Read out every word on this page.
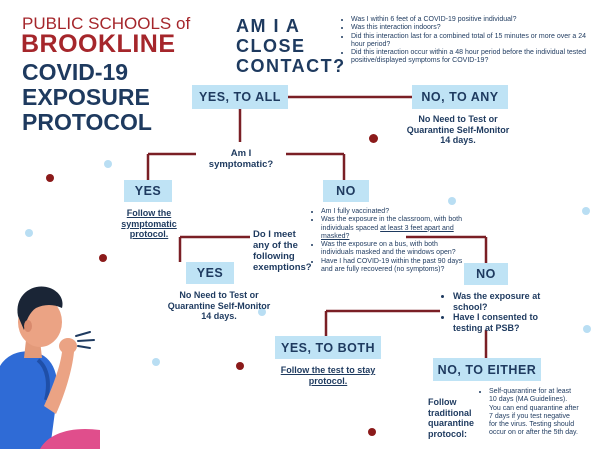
PUBLIC SCHOOLS of
BROOKLINE
COVID-19
EXPOSURE
PROTOCOL
AM I A
CLOSE
CONTACT?
• Was I within 6 feet of a COVID-19 positive individual?
• Was this interaction indoors?
• Did this interaction last for a combined total of 15 minutes or more over a 24 hour period?
• Did this interaction occur within a 48 hour period before the individual tested positive/displayed symptoms for COVID-19?
YES, TO ALL	NO, TO ANY
No Need to Test or Quarantine Self-Monitor 14 days.
Am I symptomatic?
YES	NO
Follow the symptomatic protocol.
• Am I fully vaccinated?
• Was the exposure in the classroom, with both individuals spaced at least 3 feet apart and masked?
• Was the exposure on a bus, with both individuals masked and the windows open?
• Have I had COVID-19 within the past 90 days and are fully recovered (no symptoms)?
Do I meet
any of the
following
exemptions?
YES
No Need to Test or Quarantine Self-Monitor 14 days.
NO
• Was the exposure at school?
• Have I consented to testing at PSB?
YES, TO BOTH
Follow the test to stay protocol.
NO, TO EITHER
Follow
traditional
quarantine
protocol:
• Self-quarantine for at least 10 days (MA Guidelines). You can end quarantine after 7 days if you test negative for the virus. Testing should occur on or after the 5th day.
